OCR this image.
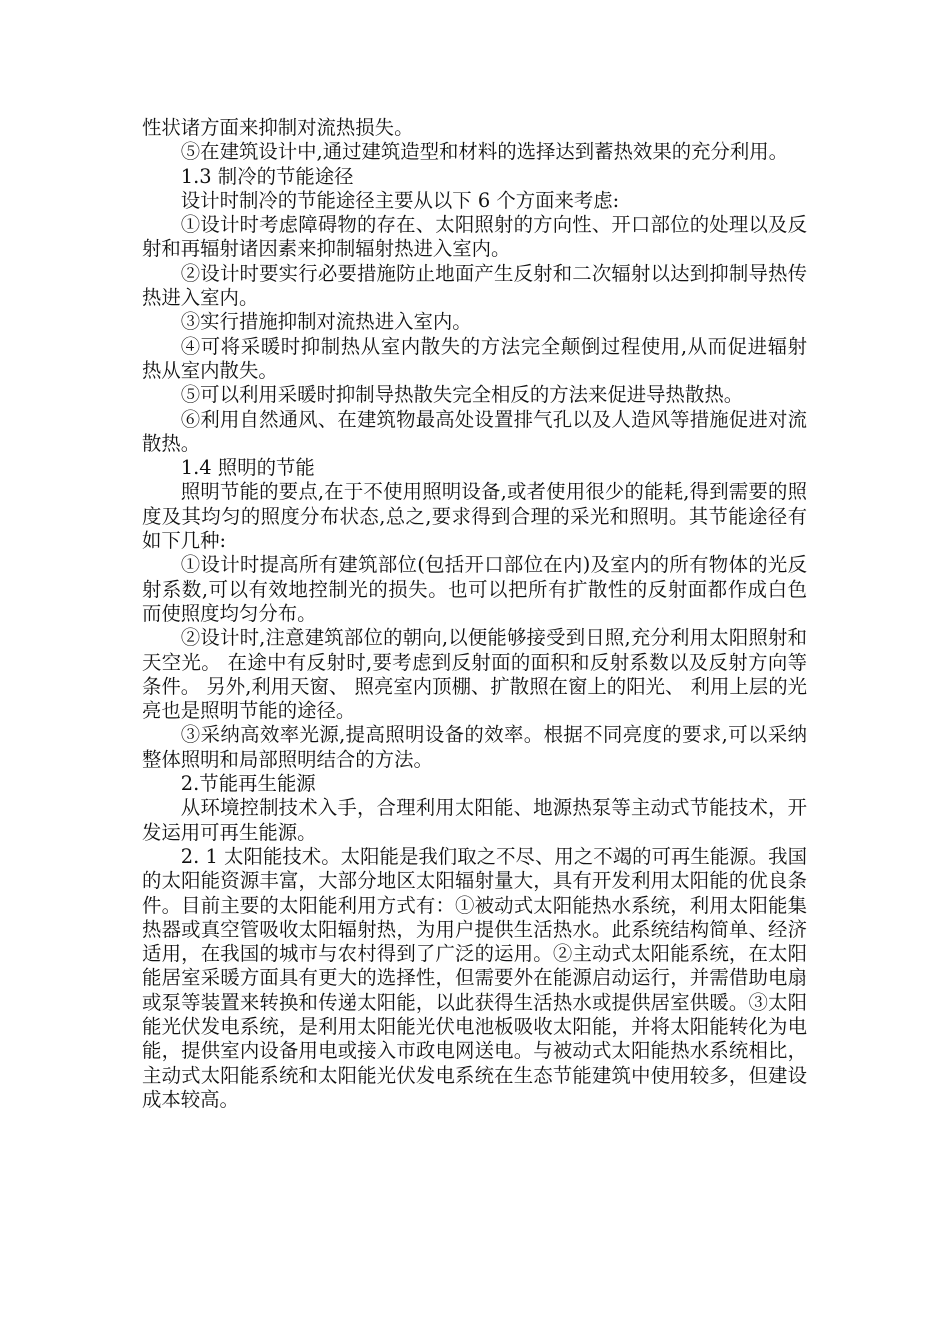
性状诸方面来抑制对流热损失。

⑤在建筑设计中,通过建筑造型和材料的选择达到蓄热效果的充分利用。

1.3 制冷的节能途径

设计时制冷的节能途径主要从以下 6 个方面来考虑:

①设计时考虑障碍物的存在、太阳照射的方向性、开口部位的处理以及反射和再辐射诸因素来抑制辐射热进入室内。

②设计时要实行必要措施防止地面产生反射和二次辐射以达到抑制导热传热进入室内。

③实行措施抑制对流热进入室内。

④可将采暖时抑制热从室内散失的方法完全颠倒过程使用,从而促进辐射热从室内散失。

⑤可以利用采暖时抑制导热散失完全相反的方法来促进导热散热。

⑥利用自然通风、在建筑物最高处设置排气孔以及人造风等措施促进对流散热。

1.4 照明的节能

照明节能的要点,在于不使用照明设备,或者使用很少的能耗,得到需要的照度及其均匀的照度分布状态,总之,要求得到合理的采光和照明。其节能途径有如下几种:

①设计时提高所有建筑部位(包括开口部位在内)及室内的所有物体的光反射系数,可以有效地控制光的损失。也可以把所有扩散性的反射面都作成白色而使照度均匀分布。

②设计时,注意建筑部位的朝向,以便能够接受到日照,充分利用太阳照射和天空光。 在途中有反射时,要考虑到反射面的面积和反射系数以及反射方向等条件。 另外,利用天窗、 照亮室内顶棚、扩散照在窗上的阳光、 利用上层的光亮也是照明节能的途径。

③采纳高效率光源,提高照明设备的效率。根据不同亮度的要求,可以采纳整体照明和局部照明结合的方法。

2.节能再生能源

从环境控制技术入手，合理利用太阳能、地源热泵等主动式节能技术，开发运用可再生能源。

2. 1 太阳能技术。太阳能是我们取之不尽、用之不竭的可再生能源。我国的太阳能资源丰富，大部分地区太阳辐射量大，具有开发利用太阳能的优良条件。目前主要的太阳能利用方式有：①被动式太阳能热水系统，利用太阳能集热器或真空管吸收太阳辐射热，为用户提供生活热水。此系统结构简单、经济适用，在我国的城市与农村得到了广泛的运用。②主动式太阳能系统，在太阳能居室采暖方面具有更大的选择性，但需要外在能源启动运行，并需借助电扇或泵等装置来转换和传递太阳能，以此获得生活热水或提供居室供暖。③太阳能光伏发电系统，是利用太阳能光伏电池板吸收太阳能，并将太阳能转化为电能，提供室内设备用电或接入市政电网送电。与被动式太阳能热水系统相比，主动式太阳能系统和太阳能光伏发电系统在生态节能建筑中使用较多，但建设成本较高。
